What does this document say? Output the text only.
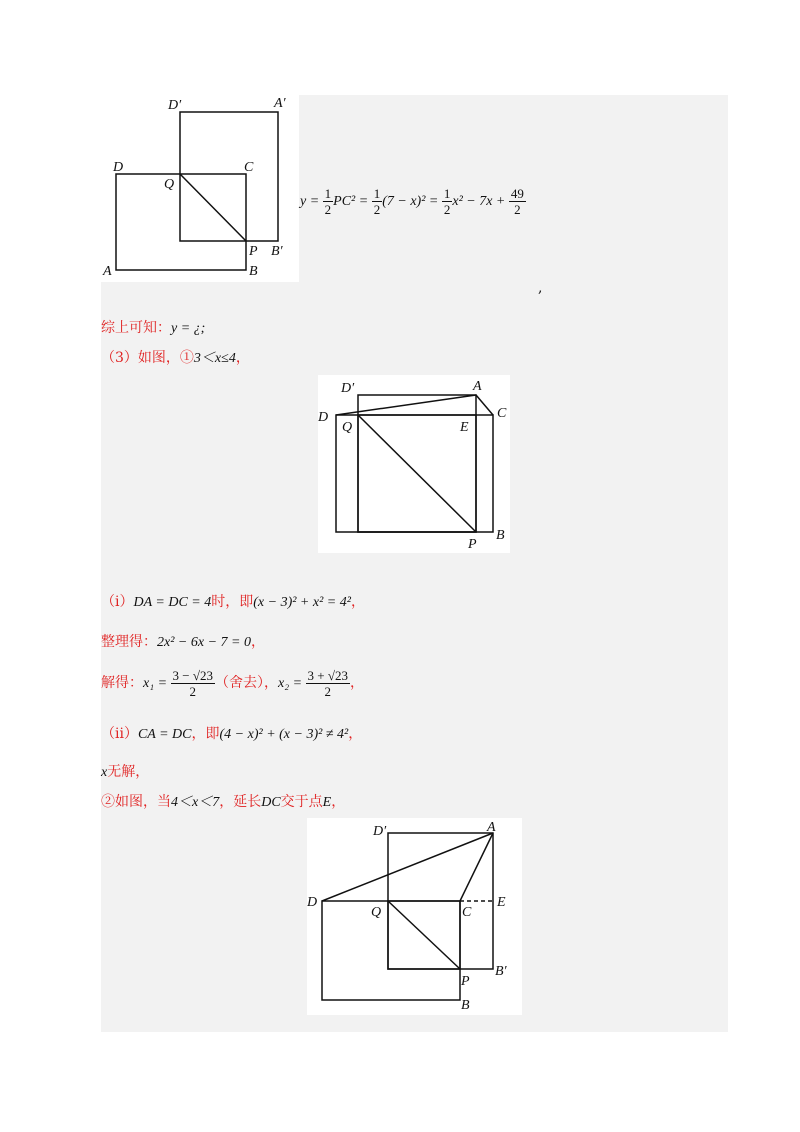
D′	A′
D	C
Q
P B′
A	B
$y = \frac{1}{2} PC^2 = \frac{1}{2} (7 - x)^2 = \frac{1}{2} x^2 - 7x + \frac{49}{2}$
,
综上可知：y = ¿;
（3）如图，①3＜x≤4，
D′	A
D
Q	E
C
P
B
（i）DA = DC = 4时，即(x − 3)² + x² = 4²，
整理得：2x² − 6x − 7 = 0，
解得：$x_1 = \frac{3 - √23}{2}$ （舍去），$x_2 = \frac{3 + √23}{2}$ ，
（ii）CA = DC，即(4 − x)² + (x − 3)² ≠ 4²，
x无解，
②如图，当4＜x＜7，延长DC交于点E，
D′	A
D
Q	C
E
P
B′
B
